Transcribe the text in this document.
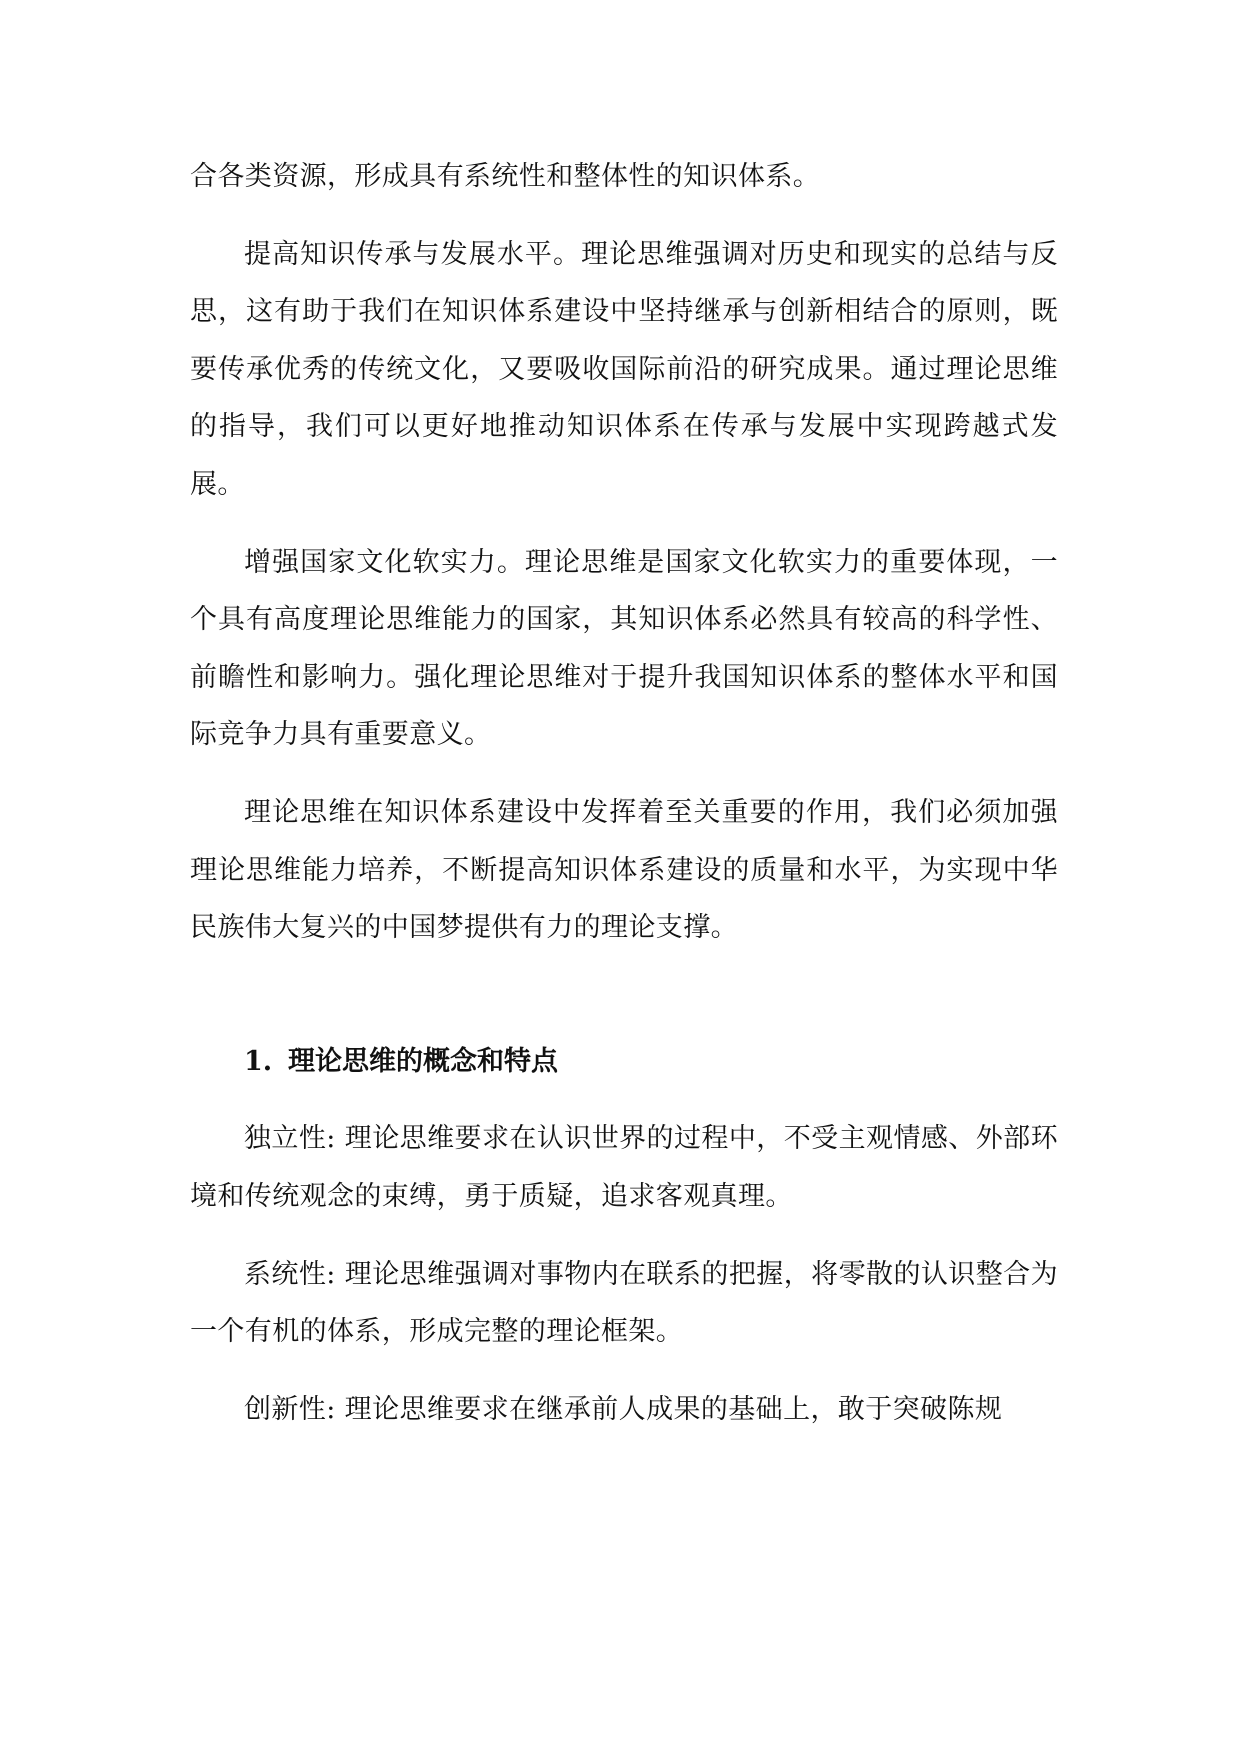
合各类资源，形成具有系统性和整体性的知识体系。

提高知识传承与发展水平。理论思维强调对历史和现实的总结与反思，这有助于我们在知识体系建设中坚持继承与创新相结合的原则，既要传承优秀的传统文化，又要吸收国际前沿的研究成果。通过理论思维的指导，我们可以更好地推动知识体系在传承与发展中实现跨越式发展。

增强国家文化软实力。理论思维是国家文化软实力的重要体现，一个具有高度理论思维能力的国家，其知识体系必然具有较高的科学性、前瞻性和影响力。强化理论思维对于提升我国知识体系的整体水平和国际竞争力具有重要意义。

理论思维在知识体系建设中发挥着至关重要的作用，我们必须加强理论思维能力培养，不断提高知识体系建设的质量和水平，为实现中华民族伟大复兴的中国梦提供有力的理论支撑。

1. 理论思维的概念和特点

独立性: 理论思维要求在认识世界的过程中，不受主观情感、外部环境和传统观念的束缚，勇于质疑，追求客观真理。

系统性: 理论思维强调对事物内在联系的把握，将零散的认识整合为一个有机的体系，形成完整的理论框架。

创新性: 理论思维要求在继承前人成果的基础上，敢于突破陈规
